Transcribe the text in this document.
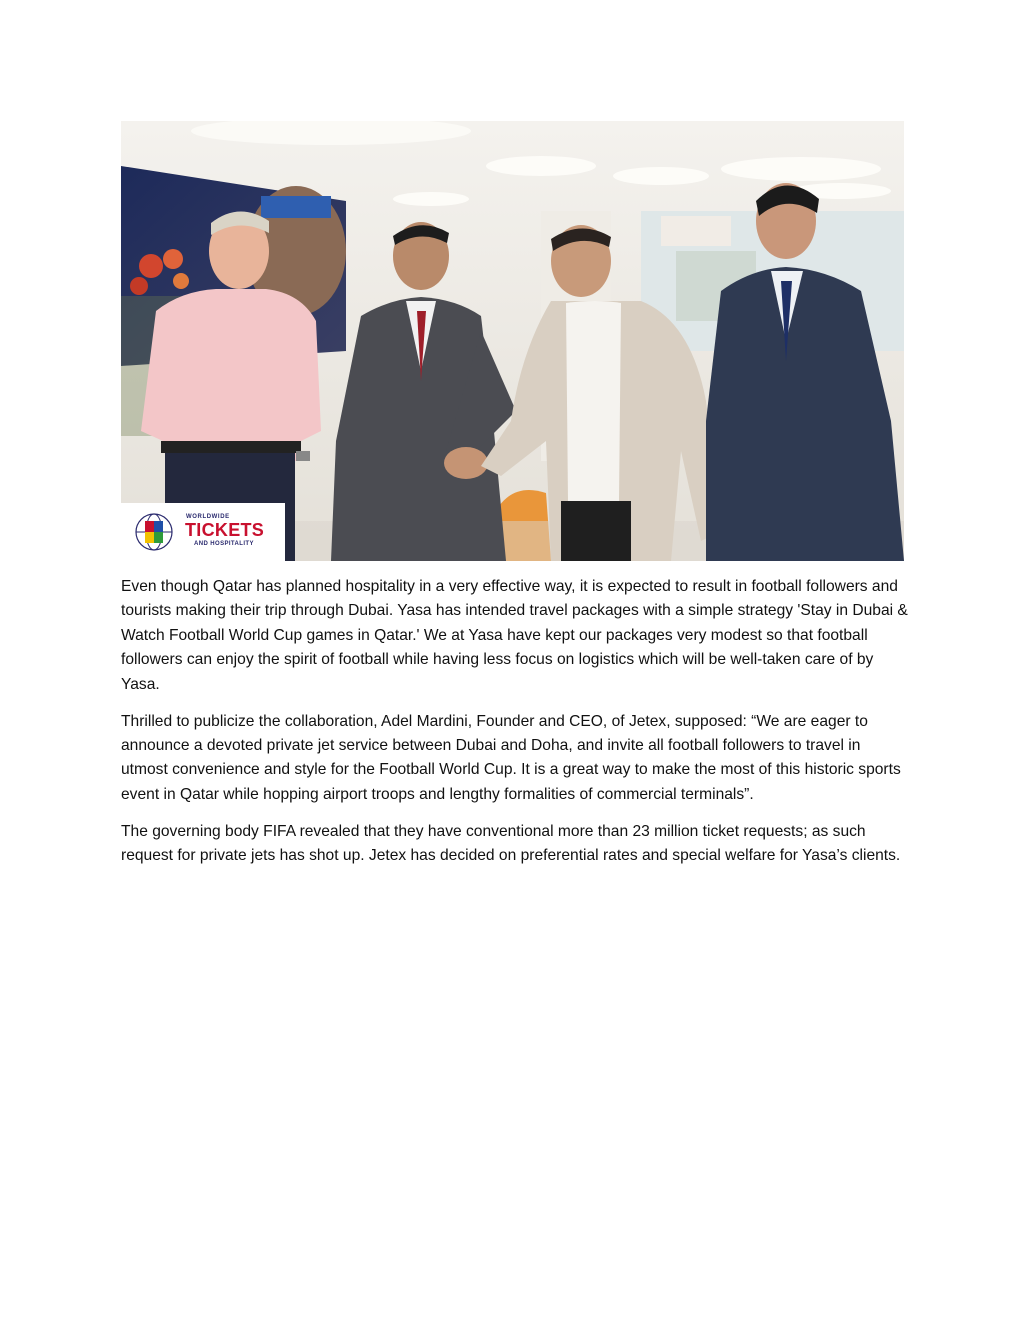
WORLDWIDE
TICKETS
AND HOSPITALITY

Even though Qatar has planned hospitality in a very effective way, it is expected to result in football followers and tourists making their trip through Dubai. Yasa has intended travel packages with a simple strategy 'Stay in Dubai & Watch Football World Cup games in Qatar.' We at Yasa have kept our packages very modest so that football followers can enjoy the spirit of football while having less focus on logistics which will be well-taken care of by Yasa.

Thrilled to publicize the collaboration, Adel Mardini, Founder and CEO, of Jetex, supposed: “We are eager to announce a devoted private jet service between Dubai and Doha, and invite all football followers to travel in utmost convenience and style for the Football World Cup. It is a great way to make the most of this historic sports event in Qatar while hopping airport troops and lengthy formalities of commercial terminals”.

The governing body FIFA revealed that they have conventional more than 23 million ticket requests; as such request for private jets has shot up. Jetex has decided on preferential rates and special welfare for Yasa’s clients.
